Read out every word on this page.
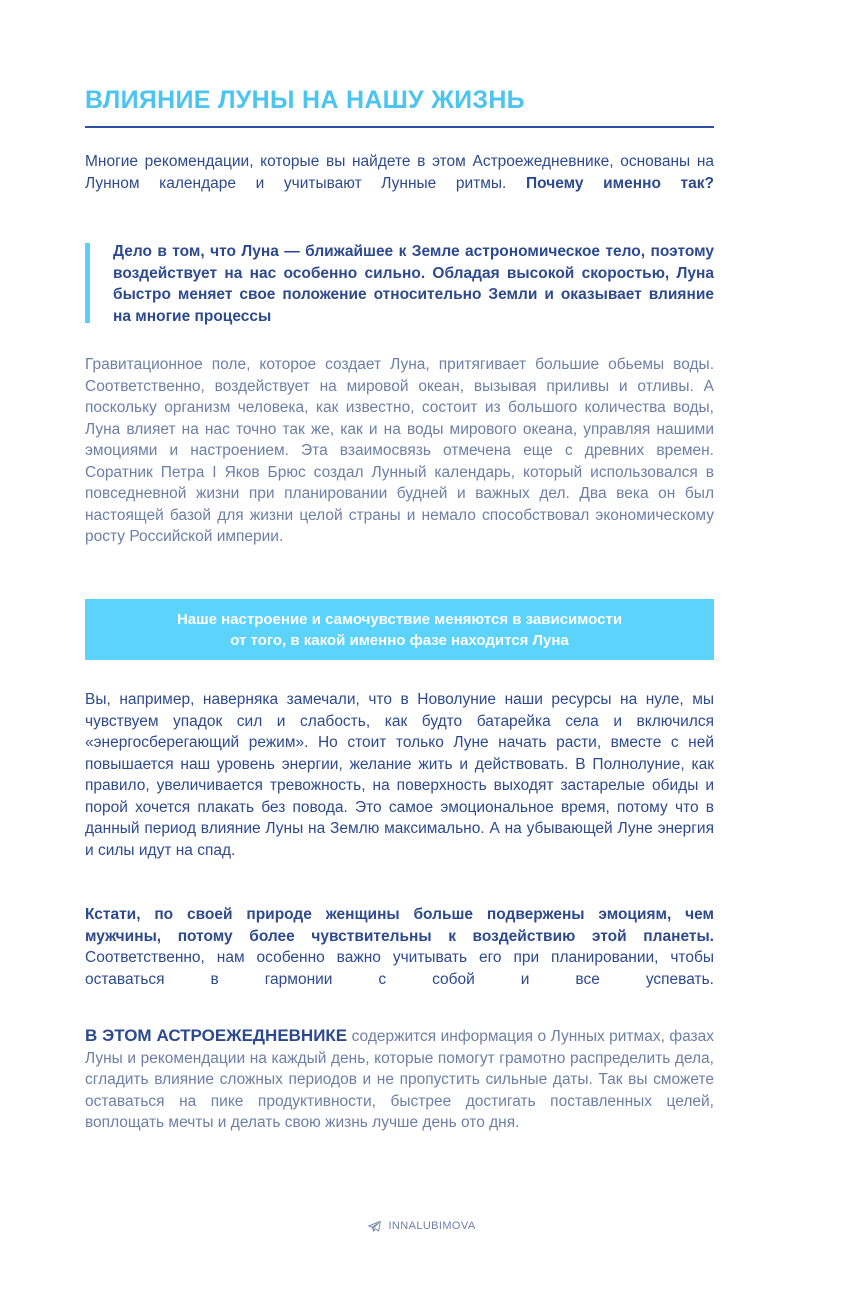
ВЛИЯНИЕ ЛУНЫ НА НАШУ ЖИЗНЬ

Многие рекомендации, которые вы найдете в этом Астроежедневнике, основаны на Лунном календаре и учитывают Лунные ритмы. Почему именно так?

Дело в том, что Луна — ближайшее к Земле астрономическое тело, поэтому воздействует на нас особенно сильно. Обладая высокой скоростью, Луна быстро меняет свое положение относительно Земли и оказывает влияние на многие процессы

Гравитационное поле, которое создает Луна, притягивает большие обьемы воды. Соответственно, воздействует на мировой океан, вызывая приливы и отливы. А поскольку организм человека, как известно, состоит из большого количества воды, Луна влияет на нас точно так же, как и на воды мирового океана, управляя нашими эмоциями и настроением. Эта взаимосвязь отмечена еще с древних времен. Соратник Петра I Яков Брюс создал Лунный календарь, который использовался в повседневной жизни при планировании будней и важных дел. Два века он был настоящей базой для жизни целой страны и немало способствовал экономическому росту Российской империи.

Наше настроение и самочувствие меняются в зависимости
от того, в какой именно фазе находится Луна

Вы, например, наверняка замечали, что в Новолуние наши ресурсы на нуле, мы чувствуем упадок сил и слабость, как будто батарейка села и включился «энергосберегающий режим». Но стоит только Луне начать расти, вместе с ней повышается наш уровень энергии, желание жить и действовать. В Полнолуние, как правило, увеличивается тревожность, на поверхность выходят застарелые обиды и порой хочется плакать без повода. Это самое эмоциональное время, потому что в данный период влияние Луны на Землю максимально. А на убывающей Луне энергия и силы идут на спад.

Кстати, по своей природе женщины больше подвержены эмоциям, чем мужчины, потому более чувствительны к воздействию этой планеты. Соответственно, нам особенно важно учитывать его при планировании, чтобы оставаться в гармонии с собой и все успевать.

В ЭТОМ АСТРОЕЖЕДНЕВНИКЕ содержится информация о Лунных ритмах, фазах Луны и рекомендации на каждый день, которые помогут грамотно распределить дела, сгладить влияние сложных периодов и не пропустить сильные даты. Так вы сможете оставаться на пике продуктивности, быстрее достигать поставленных целей, воплощать мечты и делать свою жизнь лучше день ото дня.

INNALUBIMOVA
